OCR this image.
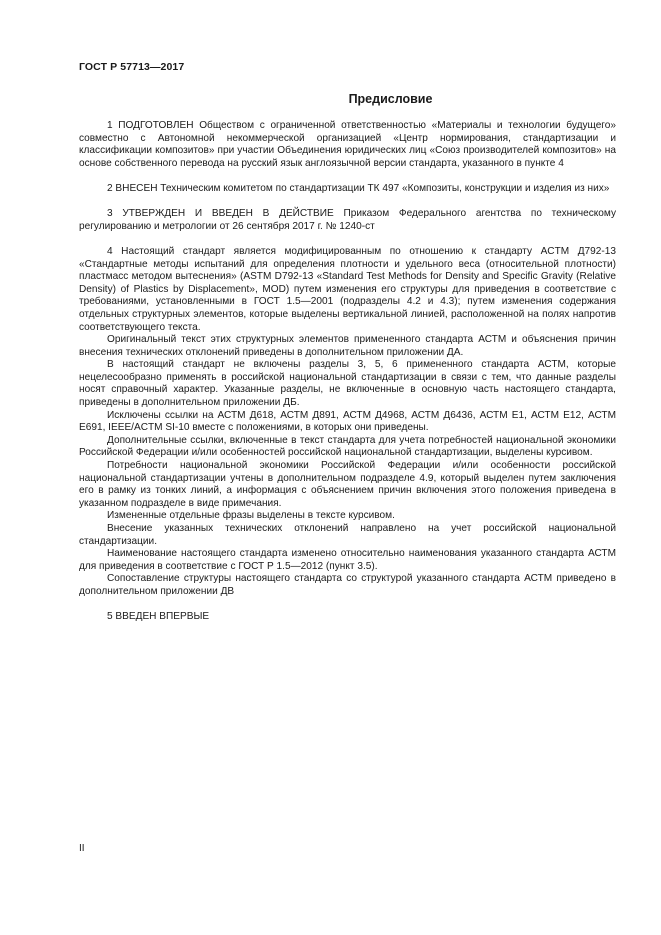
ГОСТ Р 57713—2017
Предисловие

1 ПОДГОТОВЛЕН Обществом с ограниченной ответственностью «Материалы и технологии будущего» совместно с Автономной некоммерческой организацией «Центр нормирования, стандартизации и классификации композитов» при участии Объединения юридических лиц «Союз производителей композитов» на основе собственного перевода на русский язык англоязычной версии стандарта, указанного в пункте 4

2 ВНЕСЕН Техническим комитетом по стандартизации ТК 497 «Композиты, конструкции и изделия из них»

3 УТВЕРЖДЕН И ВВЕДЕН В ДЕЙСТВИЕ Приказом Федерального агентства по техническому регулированию и метрологии от 26 сентября 2017 г. № 1240-ст

4 Настоящий стандарт является модифицированным по отношению к стандарту ACTM Д792-13 «Стандартные методы испытаний для определения плотности и удельного веса (относительной плотности) пластмасс методом вытеснения» (ASTM D792-13 «Standard Test Methods for Density and Specific Gravity (Relative Density) of Plastics by Displacement», MOD) путем изменения его структуры для приведения в соответствие с требованиями, установленными в ГОСТ 1.5—2001 (подразделы 4.2 и 4.3); путем изменения содержания отдельных структурных элементов, которые выделены вертикальной линией, расположенной на полях напротив соответствующего текста.

Оригинальный текст этих структурных элементов примененного стандарта АСТМ и объяснения причин внесения технических отклонений приведены в дополнительном приложении ДА.

В настоящий стандарт не включены разделы 3, 5, 6 примененного стандарта АСТМ, которые нецелесообразно применять в российской национальной стандартизации в связи с тем, что данные разделы носят справочный характер. Указанные разделы, не включенные в основную часть настоящего стандарта, приведены в дополнительном приложении ДБ.

Исключены ссылки на АСТМ Д618, АСТМ Д891, АСТМ Д4968, АСТМ Д6436, АСТМ Е1, АСТМ Е12, АСТМ Е691, IEEE/ACTM SI-10 вместе с положениями, в которых они приведены.

Дополнительные ссылки, включенные в текст стандарта для учета потребностей национальной экономики Российской Федерации и/или особенностей российской национальной стандартизации, выделены курсивом.

Потребности национальной экономики Российской Федерации и/или особенности российской национальной стандартизации учтены в дополнительном подразделе 4.9, который выделен путем заключения его в рамку из тонких линий, а информация с объяснением причин включения этого положения приведена в указанном подразделе в виде примечания.

Измененные отдельные фразы выделены в тексте курсивом.

Внесение указанных технических отклонений направлено на учет российской национальной стандартизации.

Наименование настоящего стандарта изменено относительно наименования указанного стандарта АСТМ для приведения в соответствие с ГОСТ Р 1.5—2012 (пункт 3.5).

Сопоставление структуры настоящего стандарта со структурой указанного стандарта АСТМ приведено в дополнительном приложении ДВ

5 ВВЕДЕН ВПЕРВЫЕ

II
